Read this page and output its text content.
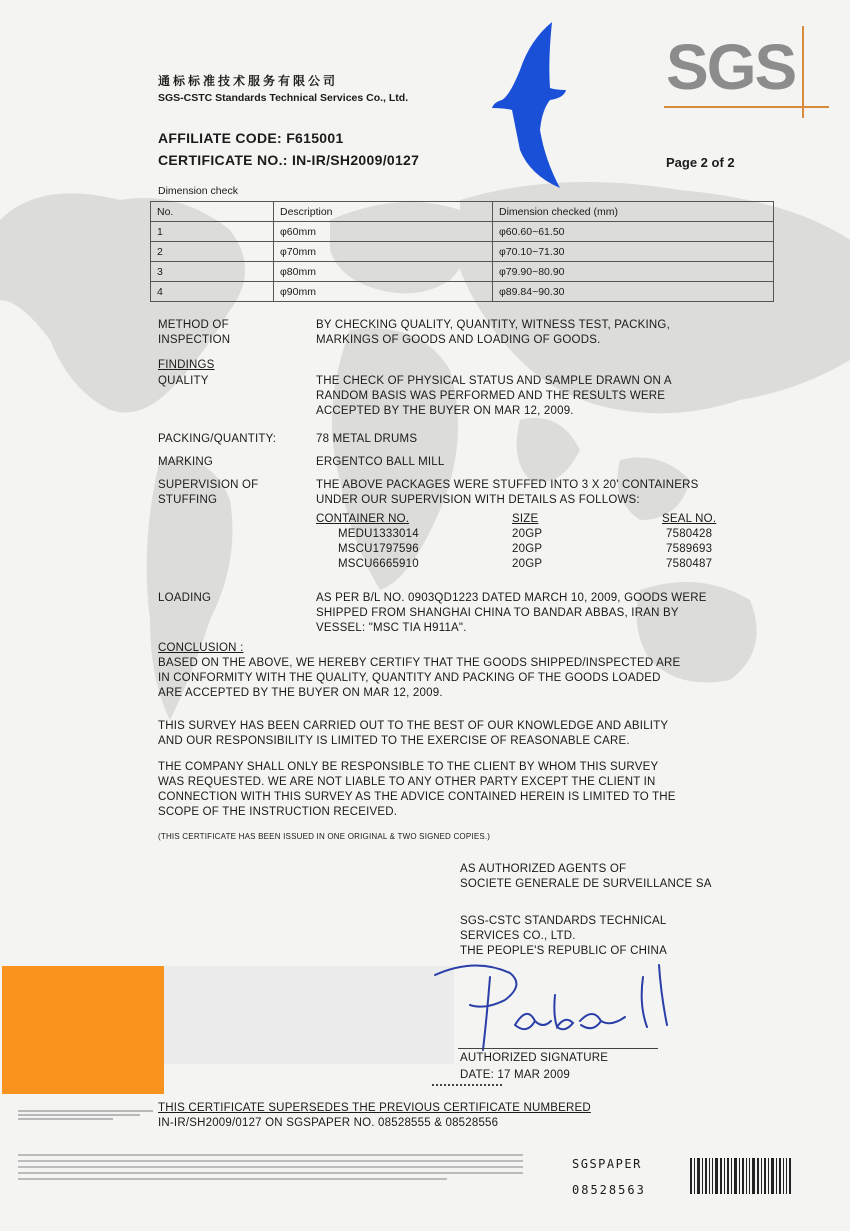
通标标准技术服务有限公司
SGS-CSTC Standards Technical Services Co., Ltd.	SGS
AFFILIATE CODE: F615001
CERTIFICATE NO.: IN-IR/SH2009/0127	Page 2 of 2
Dimension check
No.	Description	Dimension checked (mm)
1	φ60mm	φ60.60~61.50
2	φ70mm	φ70.10~71.30
3	φ80mm	φ79.90~80.90
4	φ90mm	φ89.84~90.30
METHOD OF
INSPECTION
BY CHECKING QUALITY, QUANTITY, WITNESS TEST, PACKING,
MARKINGS OF GOODS AND LOADING OF GOODS.
FINDINGS
QUALITY	THE CHECK OF PHYSICAL STATUS AND SAMPLE DRAWN ON A
RANDOM BASIS WAS PERFORMED AND THE RESULTS WERE
ACCEPTED BY THE BUYER ON MAR 12, 2009.
PACKING/QUANTITY:	78 METAL DRUMS
MARKING	ERGENTCO BALL MILL
SUPERVISION OF
STUFFING
THE ABOVE PACKAGES WERE STUFFED INTO 3 X 20' CONTAINERS
UNDER OUR SUPERVISION WITH DETAILS AS FOLLOWS:
CONTAINER NO.	SIZE	SEAL NO.
MEDU1333014	20GP	7580428
MSCU1797596	20GP	7589693
MSCU6665910	20GP	7580487
LOADING	AS PER B/L NO. 0903QD1223 DATED MARCH 10, 2009, GOODS WERE
SHIPPED FROM SHANGHAI CHINA TO BANDAR ABBAS, IRAN BY
VESSEL: "MSC TIA H911A".
CONCLUSION :
BASED ON THE ABOVE, WE HEREBY CERTIFY THAT THE GOODS SHIPPED/INSPECTED ARE
IN CONFORMITY WITH THE QUALITY, QUANTITY AND PACKING OF THE GOODS LOADED
ARE ACCEPTED BY THE BUYER ON MAR 12, 2009.
THIS SURVEY HAS BEEN CARRIED OUT TO THE BEST OF OUR KNOWLEDGE AND ABILITY
AND OUR RESPONSIBILITY IS LIMITED TO THE EXERCISE OF REASONABLE CARE.
THE COMPANY SHALL ONLY BE RESPONSIBLE TO THE CLIENT BY WHOM THIS SURVEY
WAS REQUESTED. WE ARE NOT LIABLE TO ANY OTHER PARTY EXCEPT THE CLIENT IN
CONNECTION WITH THIS SURVEY AS THE ADVICE CONTAINED HEREIN IS LIMITED TO THE
SCOPE OF THE INSTRUCTION RECEIVED.
(THIS CERTIFICATE HAS BEEN ISSUED IN ONE ORIGINAL & TWO SIGNED COPIES.)
AS AUTHORIZED AGENTS OF
SOCIETE GENERALE DE SURVEILLANCE SA
SGS-CSTC STANDARDS TECHNICAL
SERVICES CO., LTD.
THE PEOPLE'S REPUBLIC OF CHINA
AUTHORIZED SIGNATURE
DATE: 17 MAR 2009
THIS CERTIFICATE SUPERSEDES THE PREVIOUS CERTIFICATE NUMBERED
IN-IR/SH2009/0127 ON SGSPAPER NO. 08528555 & 08528556
SGSPAPER
08528563
